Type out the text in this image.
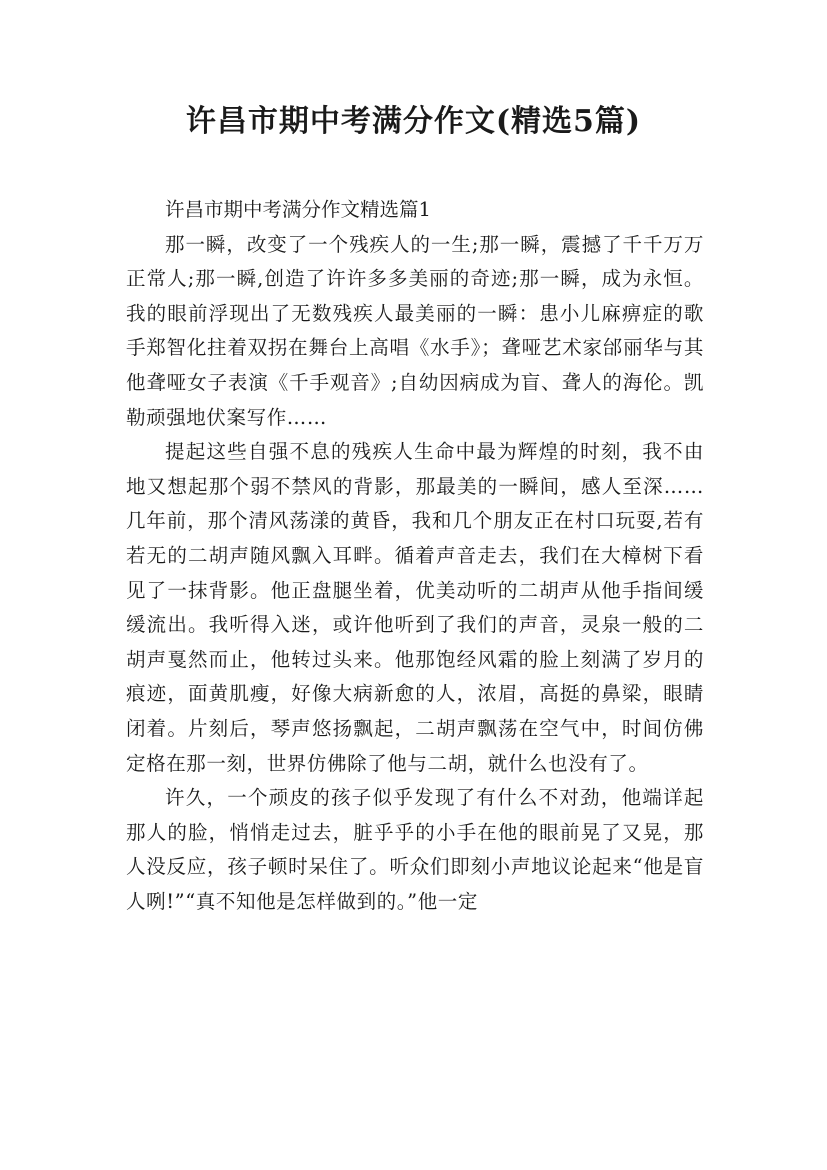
许昌市期中考满分作文(精选5篇)
许昌市期中考满分作文精选篇1

那一瞬，改变了一个残疾人的一生;那一瞬，震撼了千千万万正常人;那一瞬,创造了许许多多美丽的奇迹;那一瞬，成为永恒。我的眼前浮现出了无数残疾人最美丽的一瞬：患小儿麻痹症的歌手郑智化拄着双拐在舞台上高唱《水手》；聋哑艺术家邰丽华与其他聋哑女子表演《千手观音》;自幼因病成为盲、聋人的海伦。凯勒顽强地伏案写作……

提起这些自强不息的残疾人生命中最为辉煌的时刻，我不由地又想起那个弱不禁风的背影，那最美的一瞬间，感人至深……几年前，那个清风荡漾的黄昏，我和几个朋友正在村口玩耍,若有若无的二胡声随风飘入耳畔。循着声音走去，我们在大樟树下看见了一抹背影。他正盘腿坐着，优美动听的二胡声从他手指间缓缓流出。我听得入迷，或许他听到了我们的声音，灵泉一般的二胡声戛然而止，他转过头来。他那饱经风霜的脸上刻满了岁月的痕迹，面黄肌瘦，好像大病新愈的人，浓眉，高挺的鼻梁，眼睛闭着。片刻后，琴声悠扬飘起，二胡声飘荡在空气中，时间仿佛定格在那一刻，世界仿佛除了他与二胡，就什么也没有了。

许久，一个顽皮的孩子似乎发现了有什么不对劲，他端详起那人的脸，悄悄走过去，脏乎乎的小手在他的眼前晃了又晃，那人没反应，孩子顿时呆住了。听众们即刻小声地议论起来“他是盲人咧!”“真不知他是怎样做到的。”他一定
